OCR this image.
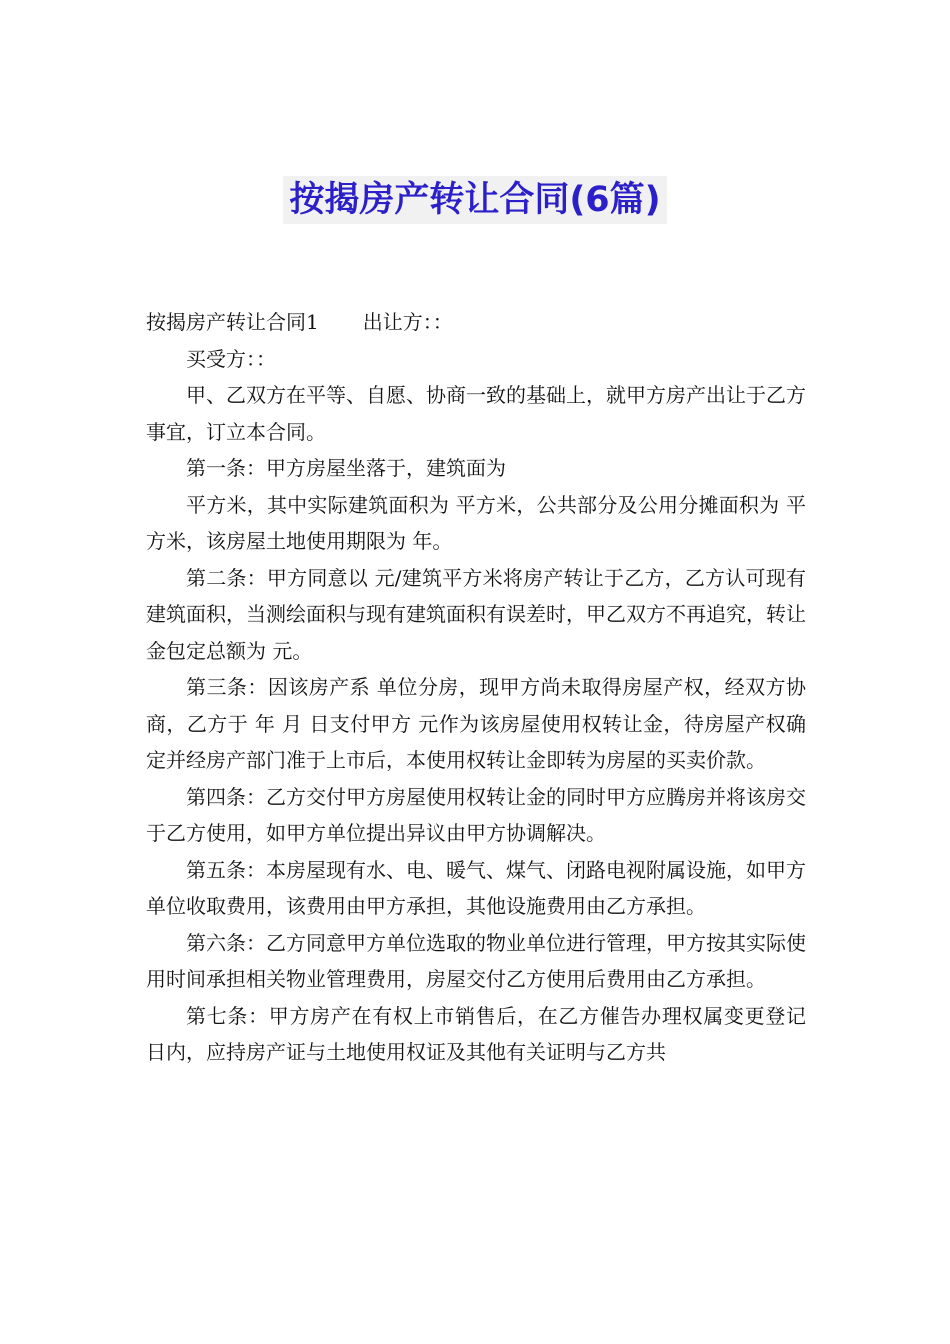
按揭房产转让合同(6篇)

按揭房产转让合同1 出让方：：

买受方：：

甲、乙双方在平等、自愿、协商一致的基础上，就甲方房产出让于乙方事宜，订立本合同。

第一条：甲方房屋坐落于，建筑面为

平方米，其中实际建筑面积为 平方米，公共部分及公用分摊面积为 平方米，该房屋土地使用期限为 年。

第二条：甲方同意以 元/建筑平方米将房产转让于乙方，乙方认可现有建筑面积，当测绘面积与现有建筑面积有误差时，甲乙双方不再追究，转让金包定总额为 元。

第三条：因该房产系 单位分房，现甲方尚未取得房屋产权，经双方协商，乙方于 年 月 日支付甲方 元作为该房屋使用权转让金，待房屋产权确定并经房产部门准于上市后，本使用权转让金即转为房屋的买卖价款。

第四条：乙方交付甲方房屋使用权转让金的同时甲方应腾房并将该房交于乙方使用，如甲方单位提出异议由甲方协调解决。

第五条：本房屋现有水、电、暖气、煤气、闭路电视附属设施，如甲方单位收取费用，该费用由甲方承担，其他设施费用由乙方承担。

第六条：乙方同意甲方单位选取的物业单位进行管理，甲方按其实际使用时间承担相关物业管理费用，房屋交付乙方使用后费用由乙方承担。

第七条：甲方房产在有权上市销售后，在乙方催告办理权属变更登记 日内，应持房产证与土地使用权证及其他有关证明与乙方共
